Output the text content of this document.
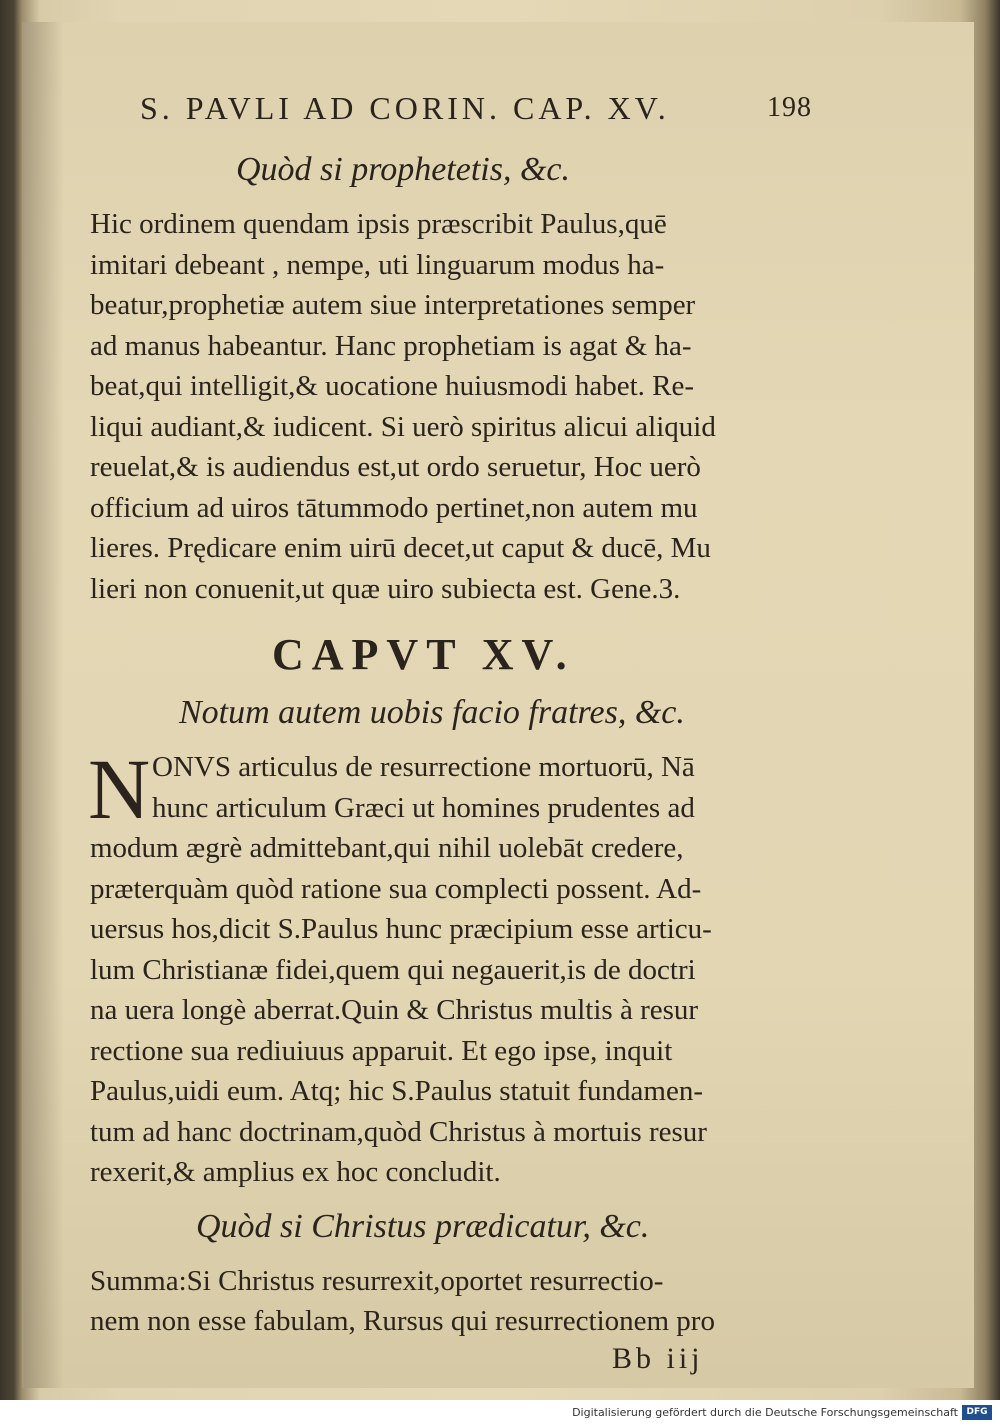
S. PAVLI AD CORIN. CAP. XV.	198

Quòd si prophetetis, &c.

Hic ordinem quendam ipsis præscribit Paulus,quē
imitari debeant , nempe, uti linguarum modus ha-
beatur,prophetiæ autem siue interpretationes semper
ad manus habeantur. Hanc prophetiam is agat & ha-
beat,qui intelligit,& uocatione huiusmodi habet. Re-
liqui audiant,& iudicent. Si uerò spiritus alicui aliquid
reuelat,& is audiendus est,ut ordo seruetur, Hoc uerò
officium ad uiros tātummodo pertinet,non autem mu
lieres. Prędicare enim uirū decet,ut caput & ducē, Mu
lieri non conuenit,ut quæ uiro subiecta est. Gene.3.
CAPVT XV.

Notum autem uobis facio fratres, &c.

N ONVS articulus de resurrectione mortuorū, Nā
hunc articulum Græci ut homines prudentes ad
modum ægrè admittebant,qui nihil uolebāt credere,
præterquàm quòd ratione sua complecti possent. Ad-
uersus hos,dicit S.Paulus hunc præcipium esse articu-
lum Christianæ fidei,quem qui negauerit,is de doctri
na uera longè aberrat.Quin & Christus multis à resur
rectione sua rediuiuus apparuit. Et ego ipse, inquit
Paulus,uidi eum. Atq; hic S.Paulus statuit fundamen-
tum ad hanc doctrinam,quòd Christus à mortuis resur
rexerit,& amplius ex hoc concludit.

Quòd si Christus prædicatur, &c.

Summa:Si Christus resurrexit,oportet resurrectio-
nem non esse fabulam, Rursus qui resurrectionem pro
Bb iij
Digitalisierung gefördert durch die Deutsche Forschungsgemeinschaft DFG
